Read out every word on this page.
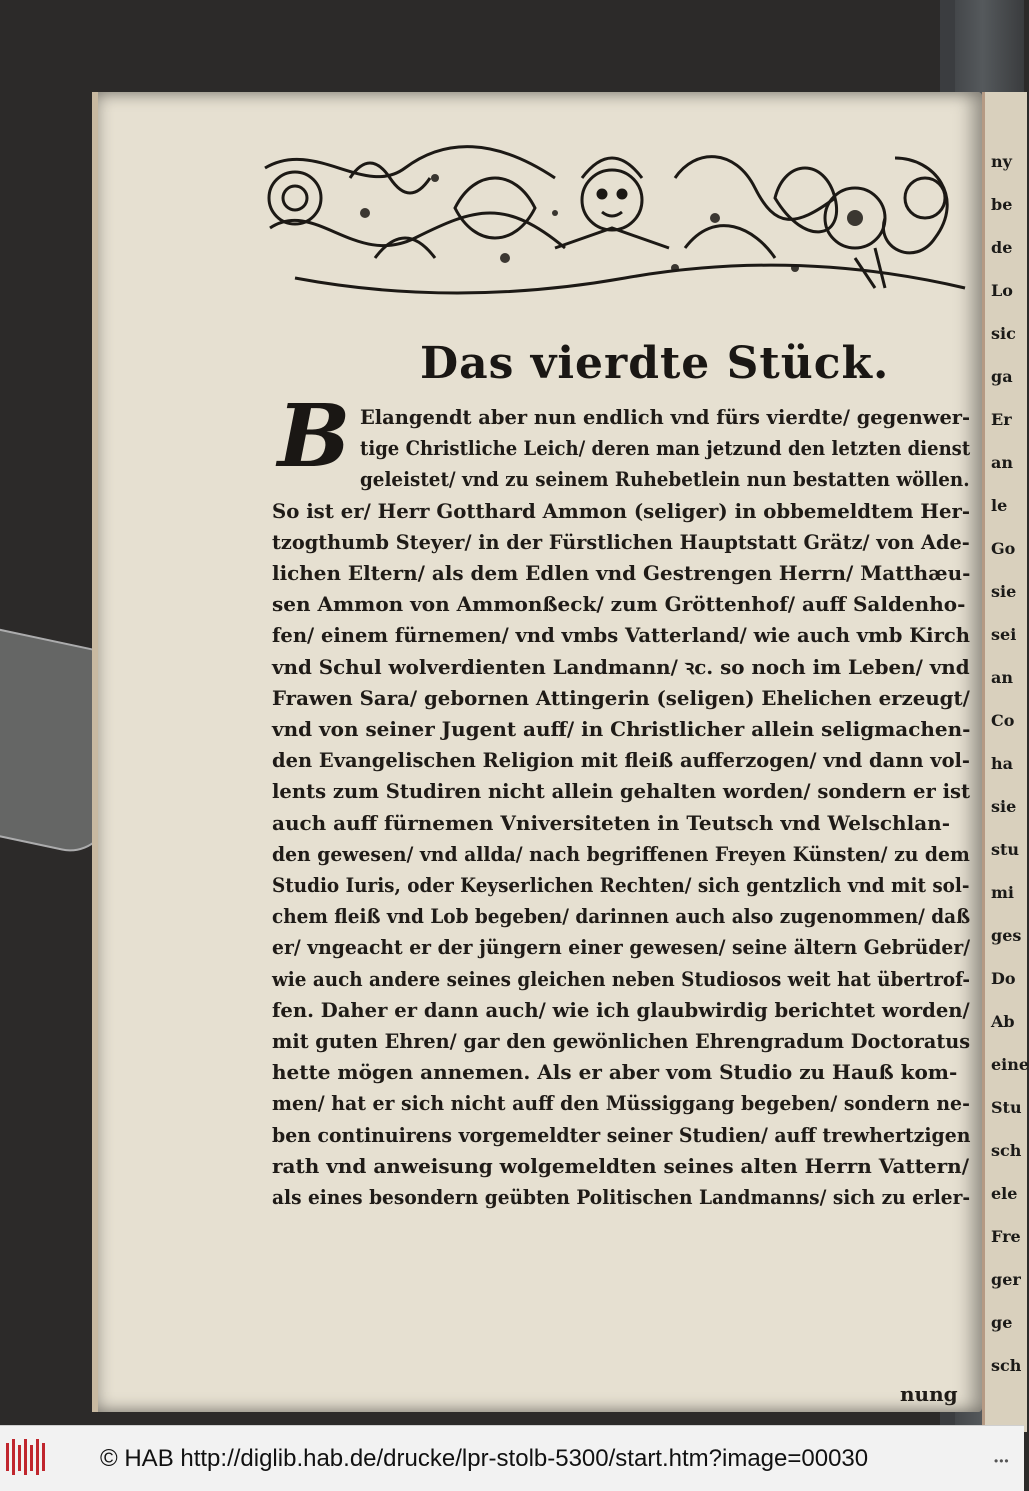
ny
be
de
Lo
sic
ga
Er
an
le
Go
sie
sei
an
Co
ha
sie
stu
mi
ges
Do
Ab
eine
Stu
sch
ele
Fre
ger
ge
sch
Das vierdte Stück.
B Elangendt aber nun endlich vnd fürs vierdte/ gegenwer-
tige Christliche Leich/ deren man jetzund den letzten dienst
geleistet/ vnd zu seinem Ruhebetlein nun bestatten wöllen.
So ist er/ Herr Gotthard Ammon (seliger) in obbemeldtem Her-
tzogthumb Steyer/ in der Fürstlichen Hauptstatt Grätz/ von Ade-
lichen Eltern/ als dem Edlen vnd Gestrengen Herrn/ Matthæu-
sen Ammon von Ammonßeck/ zum Gröttenhof/ auff Saldenho-
fen/ einem fürnemen/ vnd vmbs Vatterland/ wie auch vmb Kirch
vnd Schul wolverdienten Landmann/ ꝛc. so noch im Leben/ vnd
Frawen Sara/ gebornen Attingerin (seligen) Ehelichen erzeugt/
vnd von seiner Jugent auff/ in Christlicher allein seligmachen-
den Evangelischen Religion mit fleiß aufferzogen/ vnd dann vol-
lents zum Studiren nicht allein gehalten worden/ sondern er ist
auch auff fürnemen Vniversiteten in Teutsch vnd Welschlan-
den gewesen/ vnd allda/ nach begriffenen Freyen Künsten/ zu dem
Studio Iuris, oder Keyserlichen Rechten/ sich gentzlich vnd mit sol-
chem fleiß vnd Lob begeben/ darinnen auch also zugenommen/ daß
er/ vngeacht er der jüngern einer gewesen/ seine ältern Gebrüder/
wie auch andere seines gleichen neben Studiosos weit hat übertrof-
fen. Daher er dann auch/ wie ich glaubwirdig berichtet worden/
mit guten Ehren/ gar den gewönlichen Ehrengradum Doctoratus
hette mögen annemen. Als er aber vom Studio zu Hauß kom-
men/ hat er sich nicht auff den Müssiggang begeben/ sondern ne-
ben continuirens vorgemeldter seiner Studien/ auff trewhertzigen
rath vnd anweisung wolgemeldten seines alten Herrn Vattern/
als eines besondern geübten Politischen Landmanns/ sich zu erler-
nung
© HAB http://diglib.hab.de/drucke/lpr-stolb-5300/start.htm?image=00030	•••
